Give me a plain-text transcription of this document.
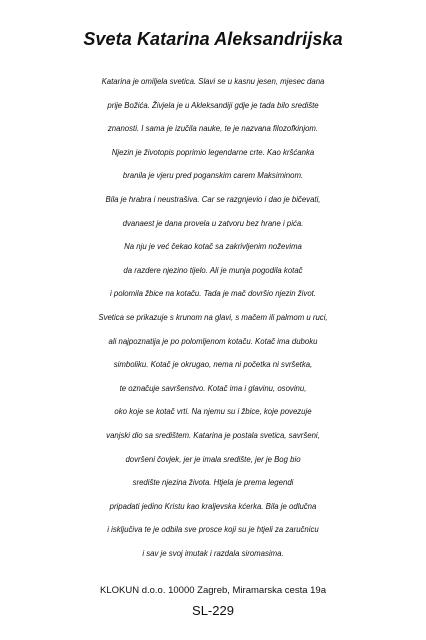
Sveta Katarina Aleksandrijska
Katarina je omiljela svetica. Slavi se u kasnu jesen, mjesec dana
prije Božića. Živjela je u Akleksandiji gdje je tada bilo središte
znanosti. I sama je izučila nauke, te je nazvana filozofkinjom.
Njezin je životopis poprimio legendarne crte. Kao kršćanka
branila je vjeru pred poganskim carem Maksiminom.
Bila je hrabra i neustrašiva. Car se razgnjevio i dao je bičevati,
dvanaest je dana provela u zatvoru bez hrane i pića.
Na nju je već čekao kotač sa zakrivljenim noževima
da razdere njezino tijelo. Ali je munja pogodila kotač
i polomila žbice na kotaču. Tada je mač dovršio njezin život.
Svetica se prikazuje s krunom na glavi, s mačem ili palmom u ruci,
ali najpoznatija je po polomljenom kotaču. Kotač ima duboku
simboliku. Kotač je okrugao, nema ni početka ni svršetka,
te označuje savršenstvo. Kotač ima i glavinu, osovinu,
oko koje se kotač vrti. Na njemu su i žbice, koje povezuje
vanjski dio sa središtem. Katarina je postala svetica, savršeni,
dovršeni čovjek, jer je imala središte, jer je Bog bio
središte njezina života. Htjela je prema legendi
pripadati jedino Kristu kao kraljevska kćerka. Bila je odlučna
i isključiva te je odbila sve prosce koji su je htjeli za zaručnicu
i sav je svoj imutak i razdala siromasima.
KLOKUN d.o.o. 10000 Zagreb, Miramarska cesta 19a
SL-229
